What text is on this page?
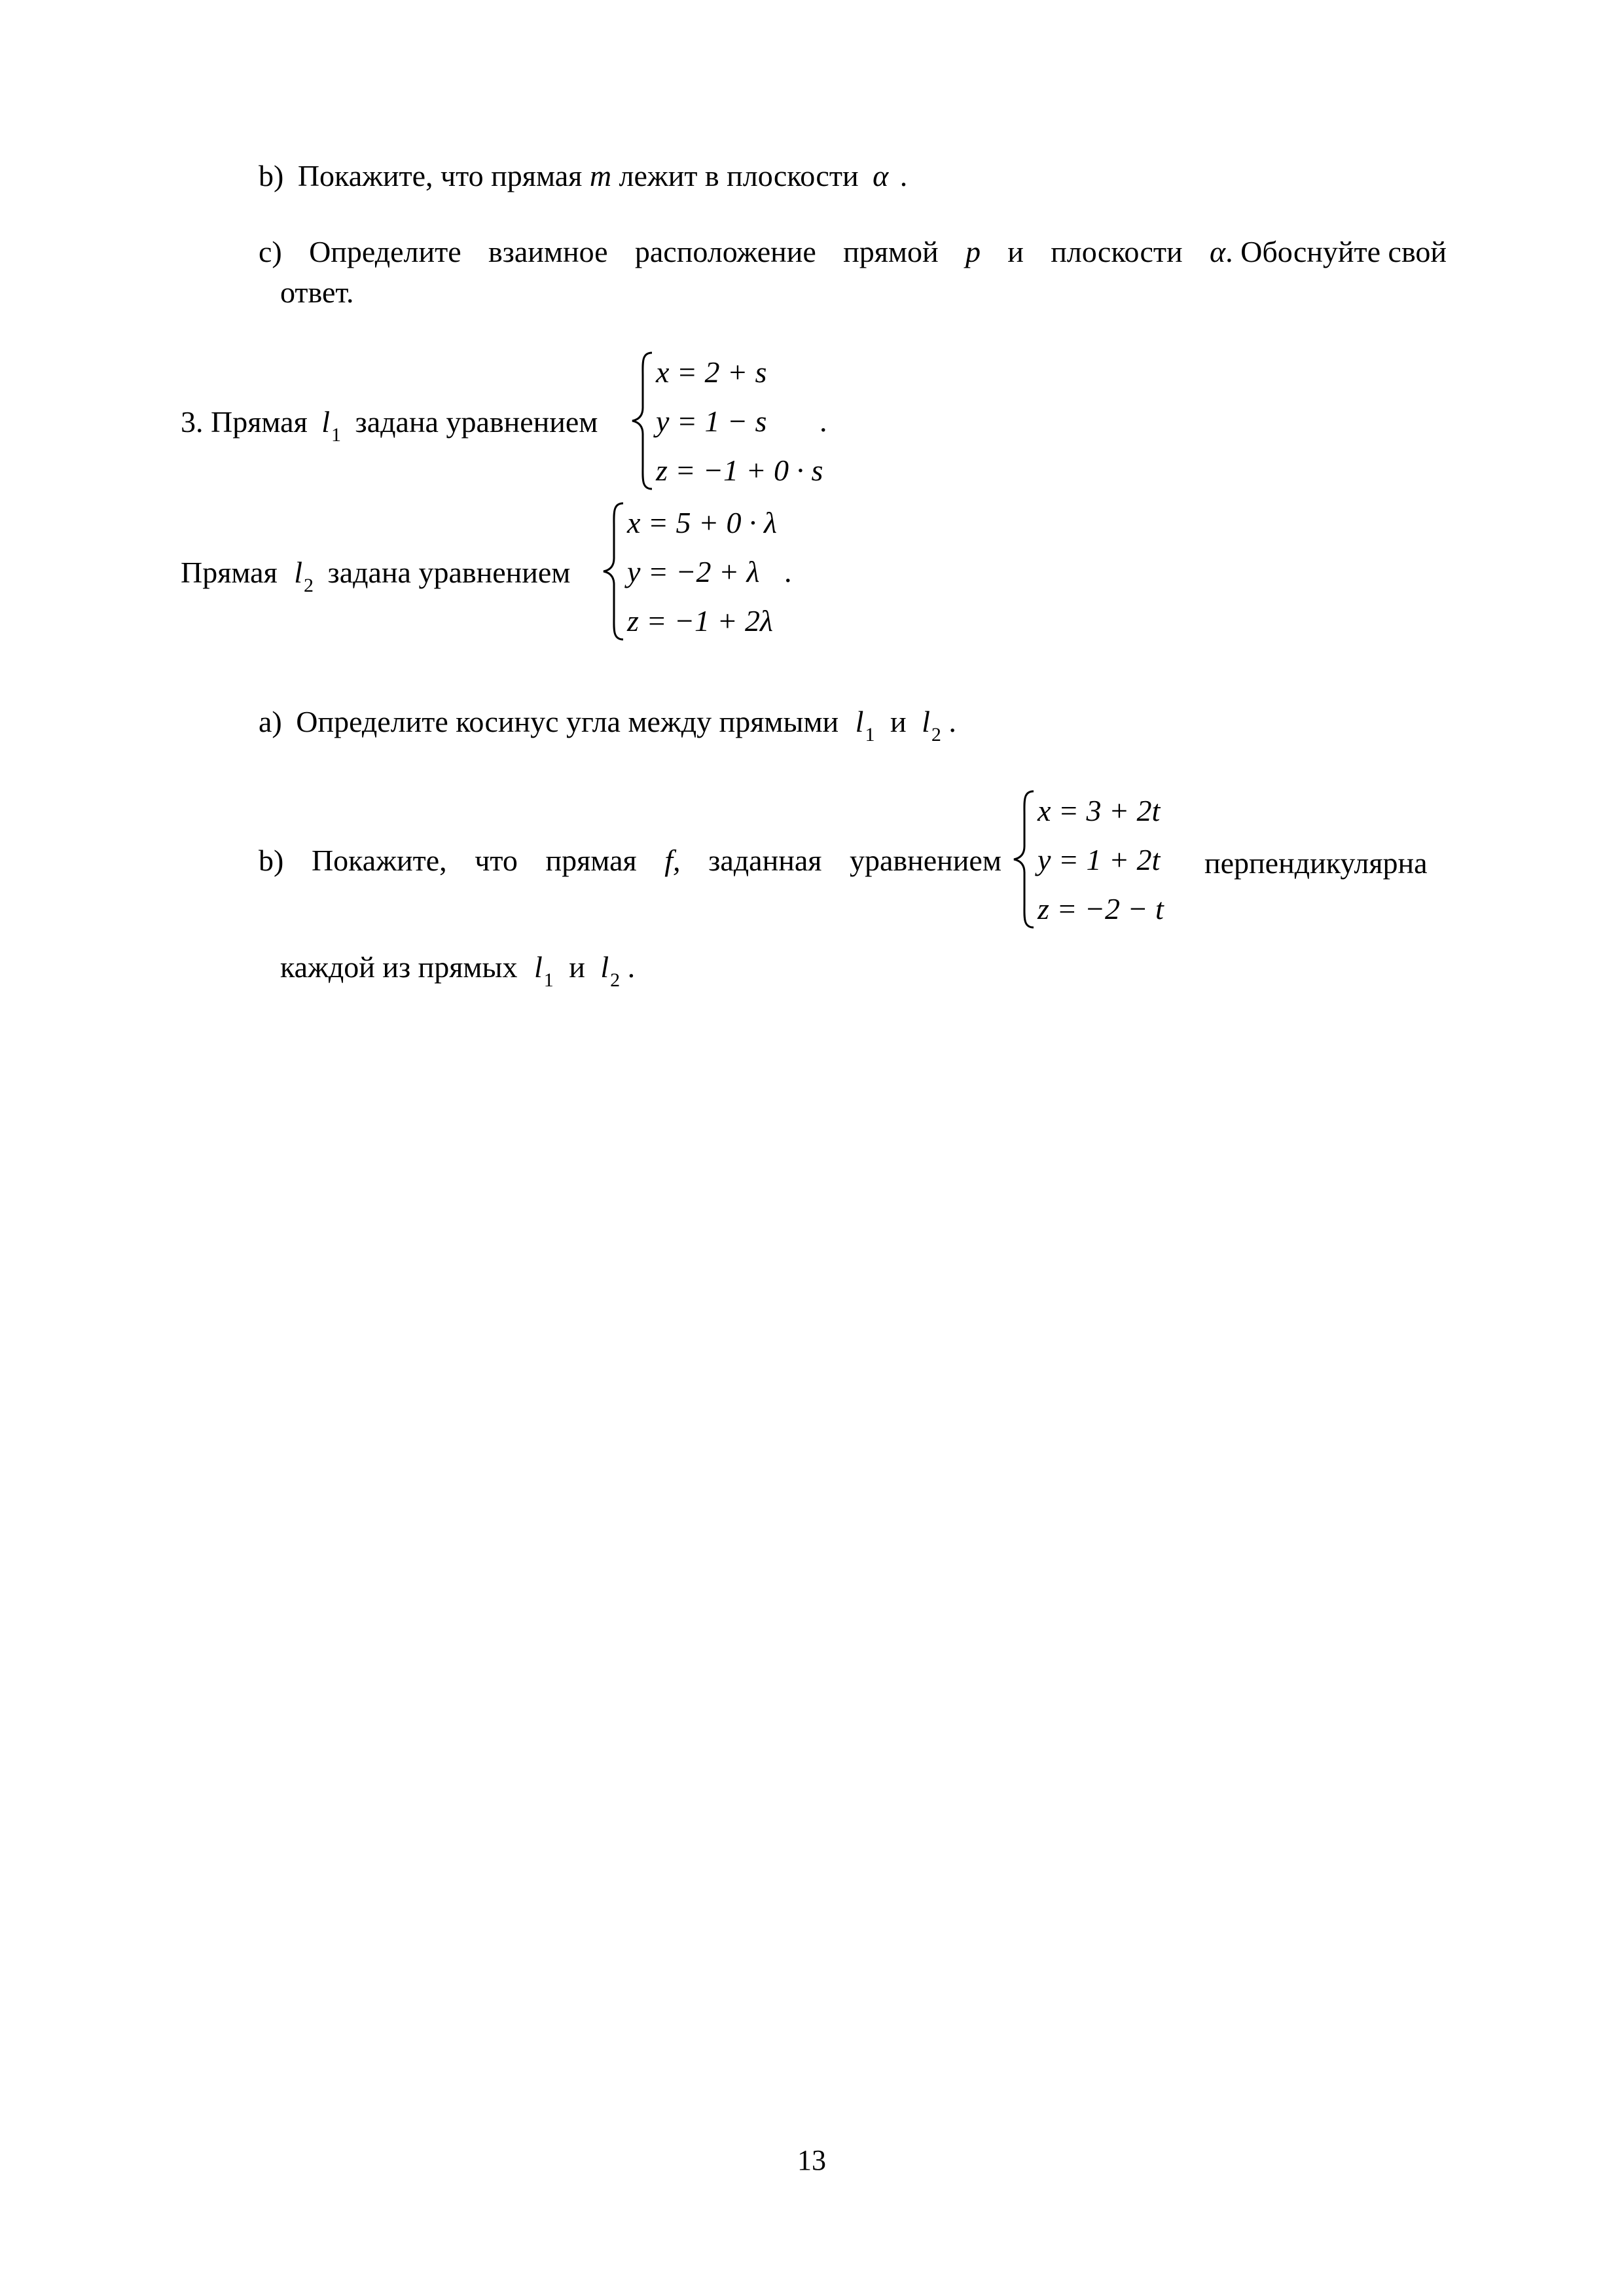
b) Покажите, что прямая m лежит в плоскости α .
c) Определите взаимное расположение прямой p и плоскости α. Обоснуйте свой
ответ.
3. Прямая $l_1$ задана уравнением
x = 2 + s
y = 1 − s
z = −1 + 0 · s
.
Прямая $l_2$ задана уравнением
x = 5 + 0 · λ
y = −2 + λ
z = −1 + 2λ
.
a) Определите косинус угла между прямыми $l_1$ и $l_2$ .
b) Покажите, что прямая f, заданная уравнением
x = 3 + 2t
y = 1 + 2t
z = −2 − t
перпендикулярна
каждой из прямых $l_1$ и $l_2$ .
13
